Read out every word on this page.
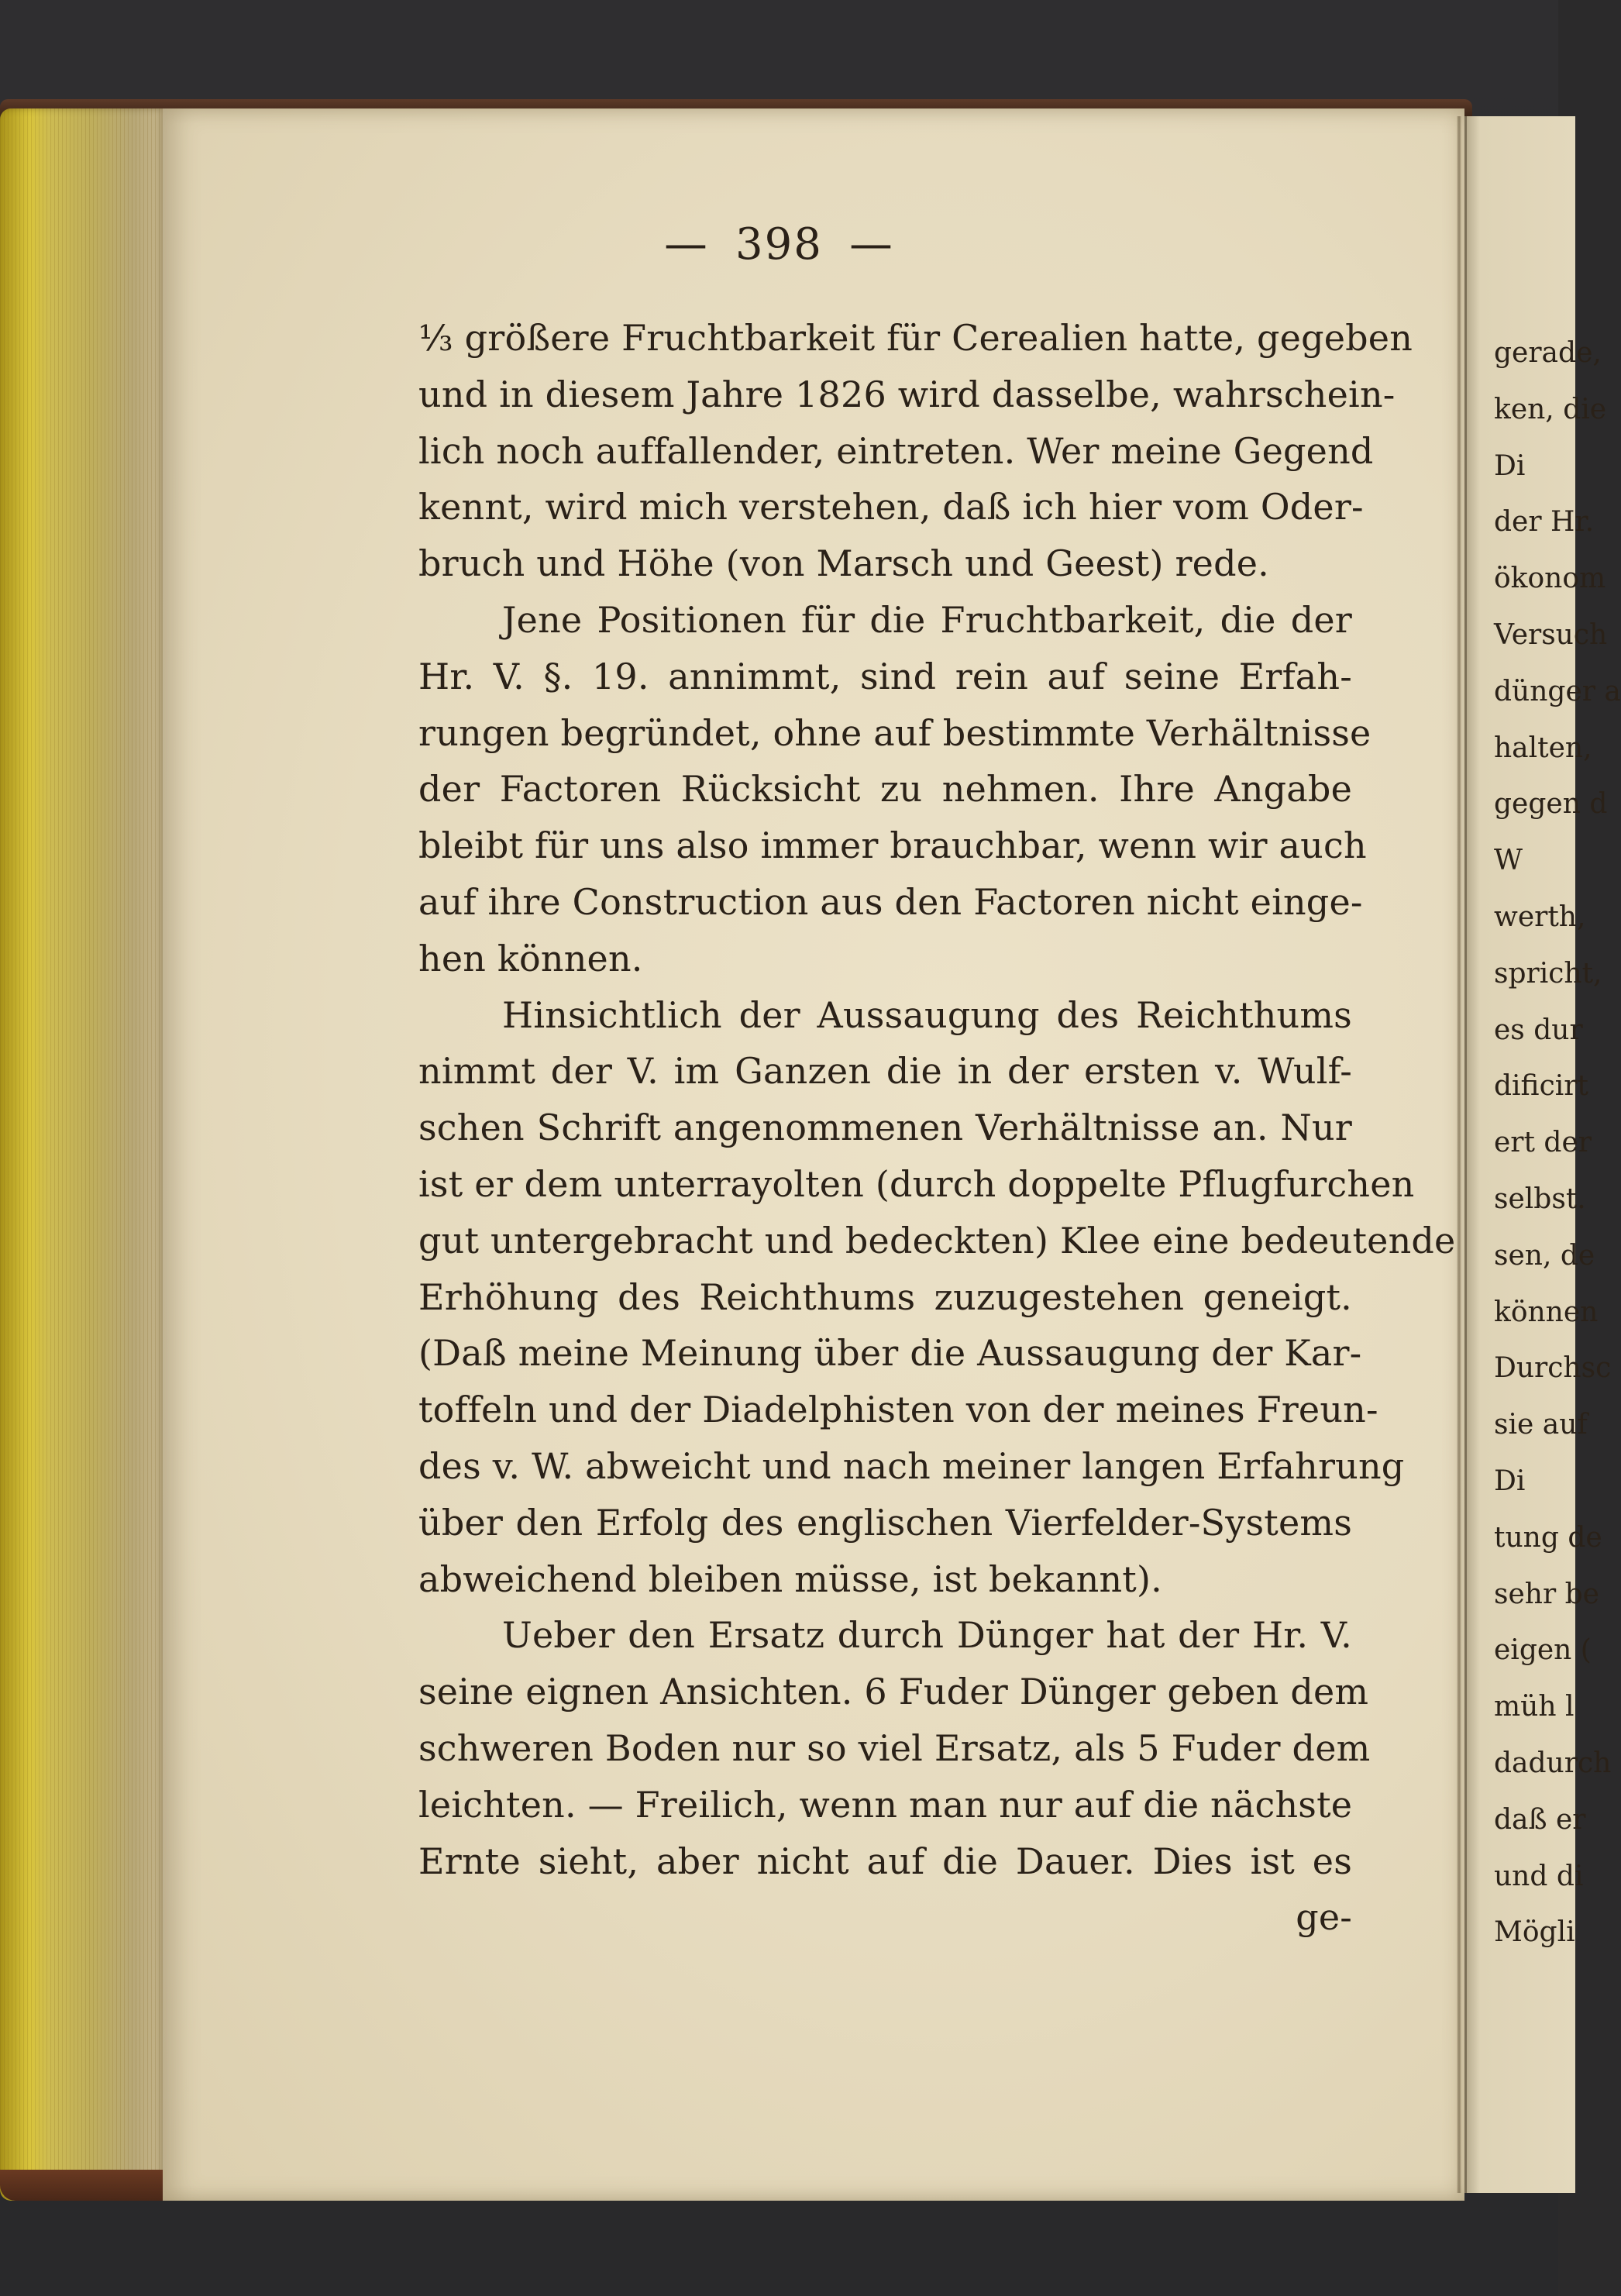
— 398 —
⅓ größere Fruchtbarkeit für Cerealien hatte, gegeben
und in diesem Jahre 1826 wird dasselbe, wahrschein-
lich noch auffallender, eintreten. Wer meine Gegend
kennt, wird mich verstehen, daß ich hier vom Oder-
bruch und Höhe (von Marsch und Geest) rede.
Jene Positionen für die Fruchtbarkeit, die der
Hr. V. §. 19. annimmt, sind rein auf seine Erfah-
rungen begründet, ohne auf bestimmte Verhältnisse
der Factoren Rücksicht zu nehmen. Ihre Angabe
bleibt für uns also immer brauchbar, wenn wir auch
auf ihre Construction aus den Factoren nicht einge-
hen können.
Hinsichtlich der Aussaugung des Reichthums
nimmt der V. im Ganzen die in der ersten v. Wulf-
schen Schrift angenommenen Verhältnisse an. Nur
ist er dem unterrayolten (durch doppelte Pflugfurchen
gut untergebracht und bedeckten) Klee eine bedeutende
Erhöhung des Reichthums zuzugestehen geneigt.
(Daß meine Meinung über die Aussaugung der Kar-
toffeln und der Diadelphisten von der meines Freun-
des v. W. abweicht und nach meiner langen Erfahrung
über den Erfolg des englischen Vierfelder-Systems
abweichend bleiben müsse, ist bekannt).
Ueber den Ersatz durch Dünger hat der Hr. V.
seine eignen Ansichten. 6 Fuder Dünger geben dem
schweren Boden nur so viel Ersatz, als 5 Fuder dem
leichten. — Freilich, wenn man nur auf die nächste
Ernte sieht, aber nicht auf die Dauer. Dies ist es
ge-
gerade,
ken, die
Di
der Hr.
ökonom
Versuch
dünger a
halten,
gegen d
W
werth,
spricht,
es dur
dificirt
ert der
selbst.
sen, de
können
Durchsc
sie auf
Di
tung de
sehr be
eigen (
müh l
dadurch
daß er
und di
Mögli
